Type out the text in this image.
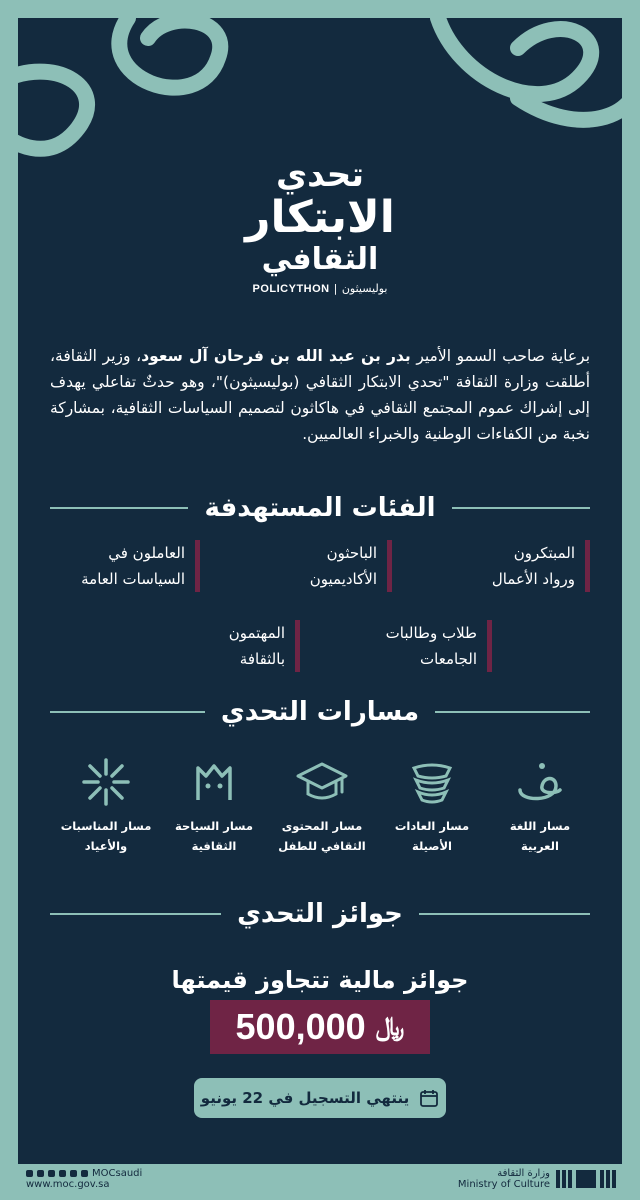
تحدي
الابتكار
الثقافي
POLICYTHON | بوليسيثون
برعاية صاحب السمو الأمير بدر بن عبد الله بن فرحان آل سعود، وزير الثقافة، أطلقت وزارة الثقافة "تحدي الابتكار الثقافي (بوليسيثون)"، وهو حدثٌ تفاعلي يهدف إلى إشراك عموم المجتمع الثقافي في هاكاثون لتصميم السياسات الثقافية، بمشاركة نخبة من الكفاءات الوطنية والخبراء العالميين.
الفئات المستهدفة
المبتكرون
ورواد الأعمال
الباحثون
الأكاديميون
العاملون في
السياسات العامة
طلاب وطالبات
الجامعات
المهتمون
بالثقافة
مسارات التحدي
مسار اللغة
العربية
مسار العادات
الأصيلة
مسار المحتوى
الثقافي للطفل
مسار السياحة
الثقافية
مسار المناسبات
والأعياد
جوائز التحدي
جوائز مالية تتجاوز قيمتها
500,000 ﷼
ينتهي التسجيل في 22 يونيو
MOCsaudi
www.moc.gov.sa
وزارة الثقافة
Ministry of Culture
